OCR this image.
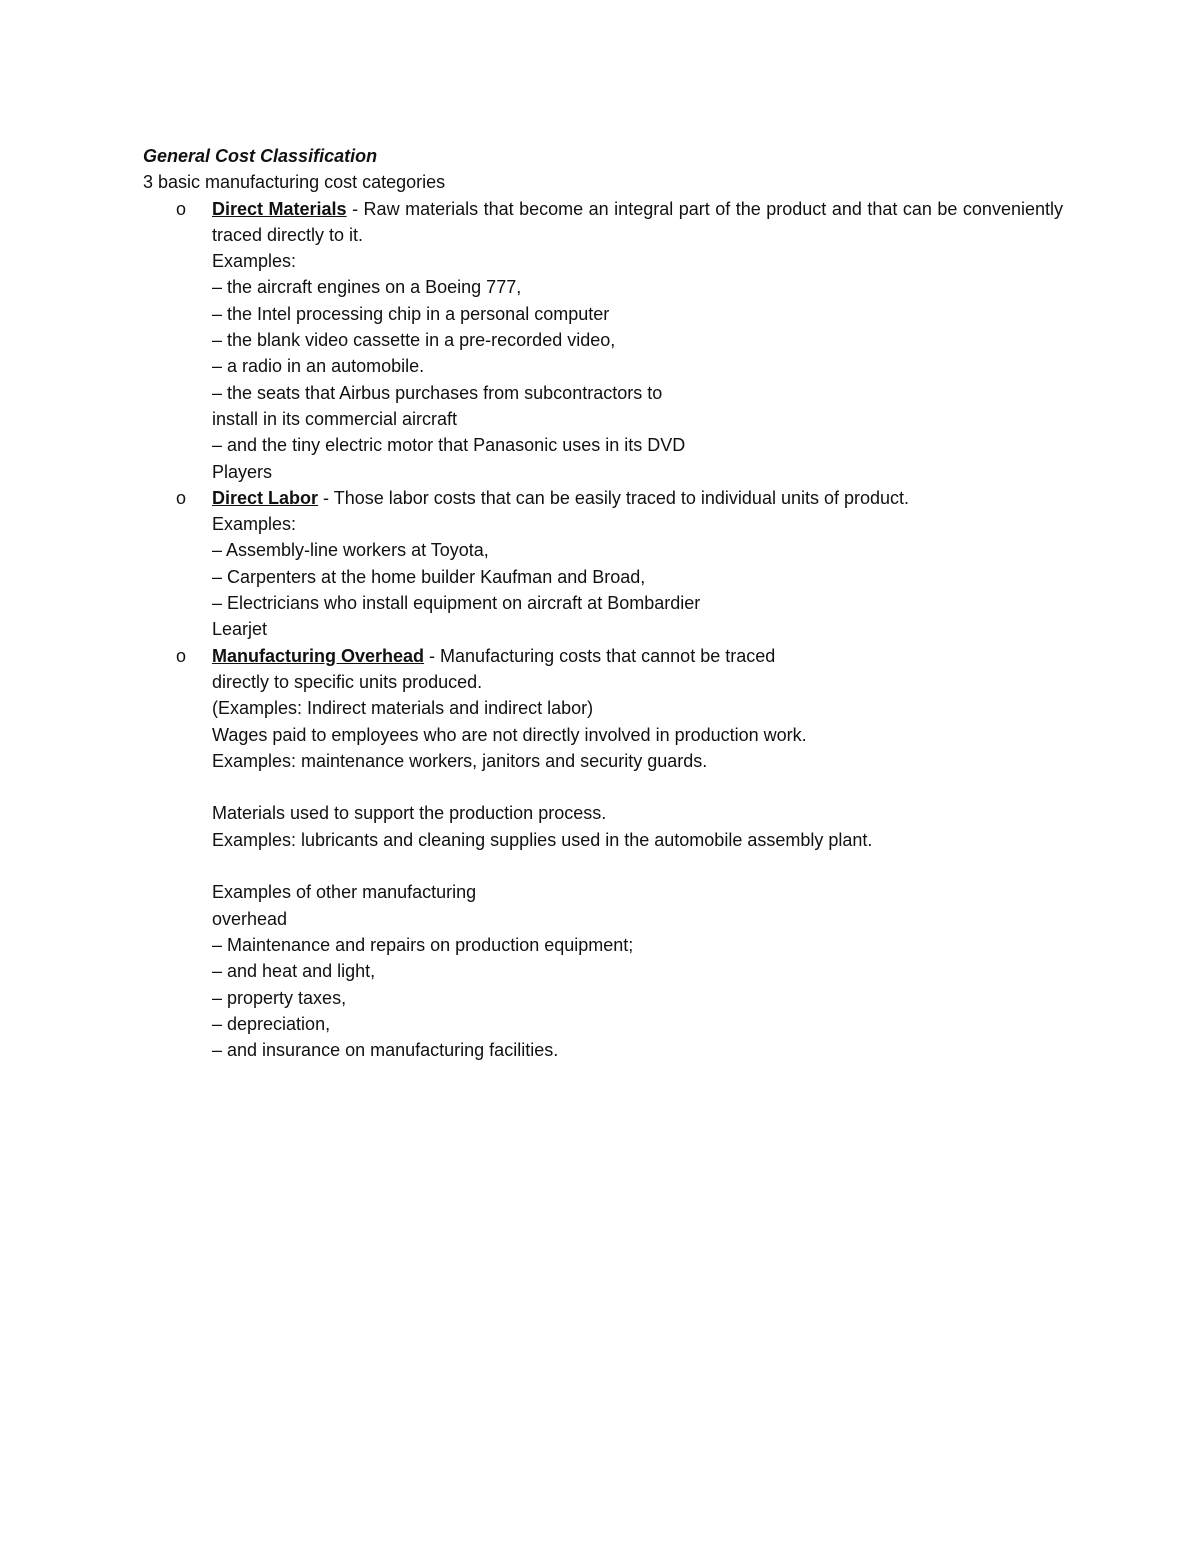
General Cost Classification

3 basic manufacturing cost categories

o	Direct Materials - Raw materials that become an integral part of the product and that can be conveniently traced directly to it.
Examples:
– the aircraft engines on a Boeing 777,
– the Intel processing chip in a personal computer
– the blank video cassette in a pre-recorded video,
– a radio in an automobile.
– the seats that Airbus purchases from subcontractors to
install in its commercial aircraft
– and the tiny electric motor that Panasonic uses in its DVD
Players
o	Direct Labor - Those labor costs that can be easily traced to individual units of product.
Examples:
– Assembly-line workers at Toyota,
– Carpenters at the home builder Kaufman and Broad,
– Electricians who install equipment on aircraft at Bombardier
Learjet
o	Manufacturing Overhead - Manufacturing costs that cannot be traced
directly to specific units produced.
(Examples: Indirect materials and indirect labor)
Wages paid to employees who are not directly involved in production work.
Examples: maintenance workers, janitors and security guards.
Materials used to support the production process.
Examples: lubricants and cleaning supplies used in the automobile assembly plant.
Examples of other manufacturing
overhead
– Maintenance and repairs on production equipment;
– and heat and light,
– property taxes,
– depreciation,
– and insurance on manufacturing facilities.
